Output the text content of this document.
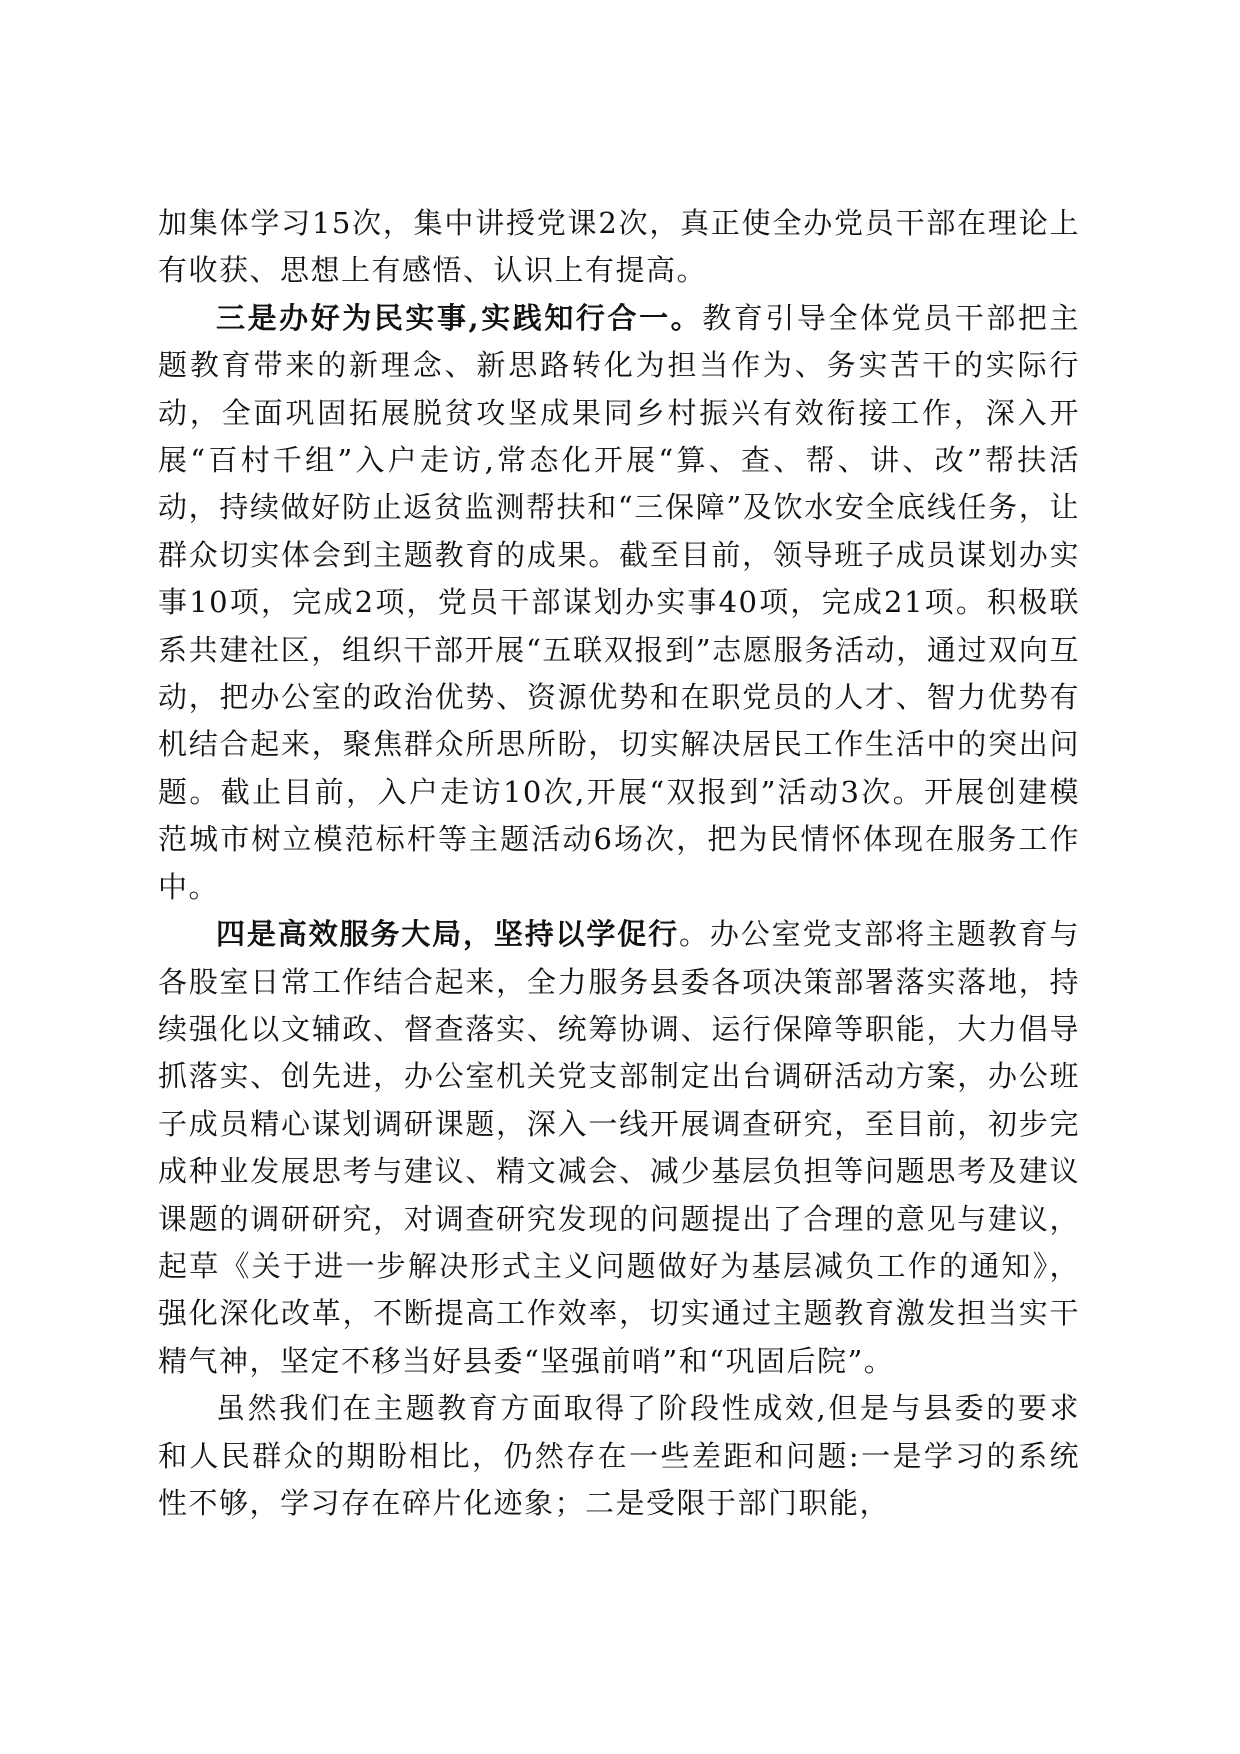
加集体学习15次，集中讲授党课2次，真正使全办党员干部在理论上有收获、思想上有感悟、认识上有提高。

三是办好为民实事,实践知行合一。教育引导全体党员干部把主题教育带来的新理念、新思路转化为担当作为、务实苦干的实际行动，全面巩固拓展脱贫攻坚成果同乡村振兴有效衔接工作，深入开展“百村千组”入户走访,常态化开展“算、查、帮、讲、改”帮扶活动，持续做好防止返贫监测帮扶和“三保障”及饮水安全底线任务，让群众切实体会到主题教育的成果。截至目前，领导班子成员谋划办实事10项，完成2项，党员干部谋划办实事40项，完成21项。积极联系共建社区，组织干部开展“五联双报到”志愿服务活动，通过双向互动，把办公室的政治优势、资源优势和在职党员的人才、智力优势有机结合起来，聚焦群众所思所盼，切实解决居民工作生活中的突出问题。截止目前，入户走访10次,开展“双报到”活动3次。开展创建模范城市树立模范标杆等主题活动6场次，把为民情怀体现在服务工作中。

四是高效服务大局，坚持以学促行。办公室党支部将主题教育与各股室日常工作结合起来，全力服务县委各项决策部署落实落地，持续强化以文辅政、督查落实、统筹协调、运行保障等职能，大力倡导抓落实、创先进，办公室机关党支部制定出台调研活动方案，办公班子成员精心谋划调研课题，深入一线开展调查研究，至目前，初步完成种业发展思考与建议、精文减会、减少基层负担等问题思考及建议课题的调研研究，对调查研究发现的问题提出了合理的意见与建议，起草《关于进一步解决形式主义问题做好为基层减负工作的通知》，强化深化改革，不断提高工作效率，切实通过主题教育激发担当实干精气神，坚定不移当好县委“坚强前哨”和“巩固后院”。

虽然我们在主题教育方面取得了阶段性成效,但是与县委的要求和人民群众的期盼相比，仍然存在一些差距和问题:一是学习的系统性不够，学习存在碎片化迹象；二是受限于部门职能，
